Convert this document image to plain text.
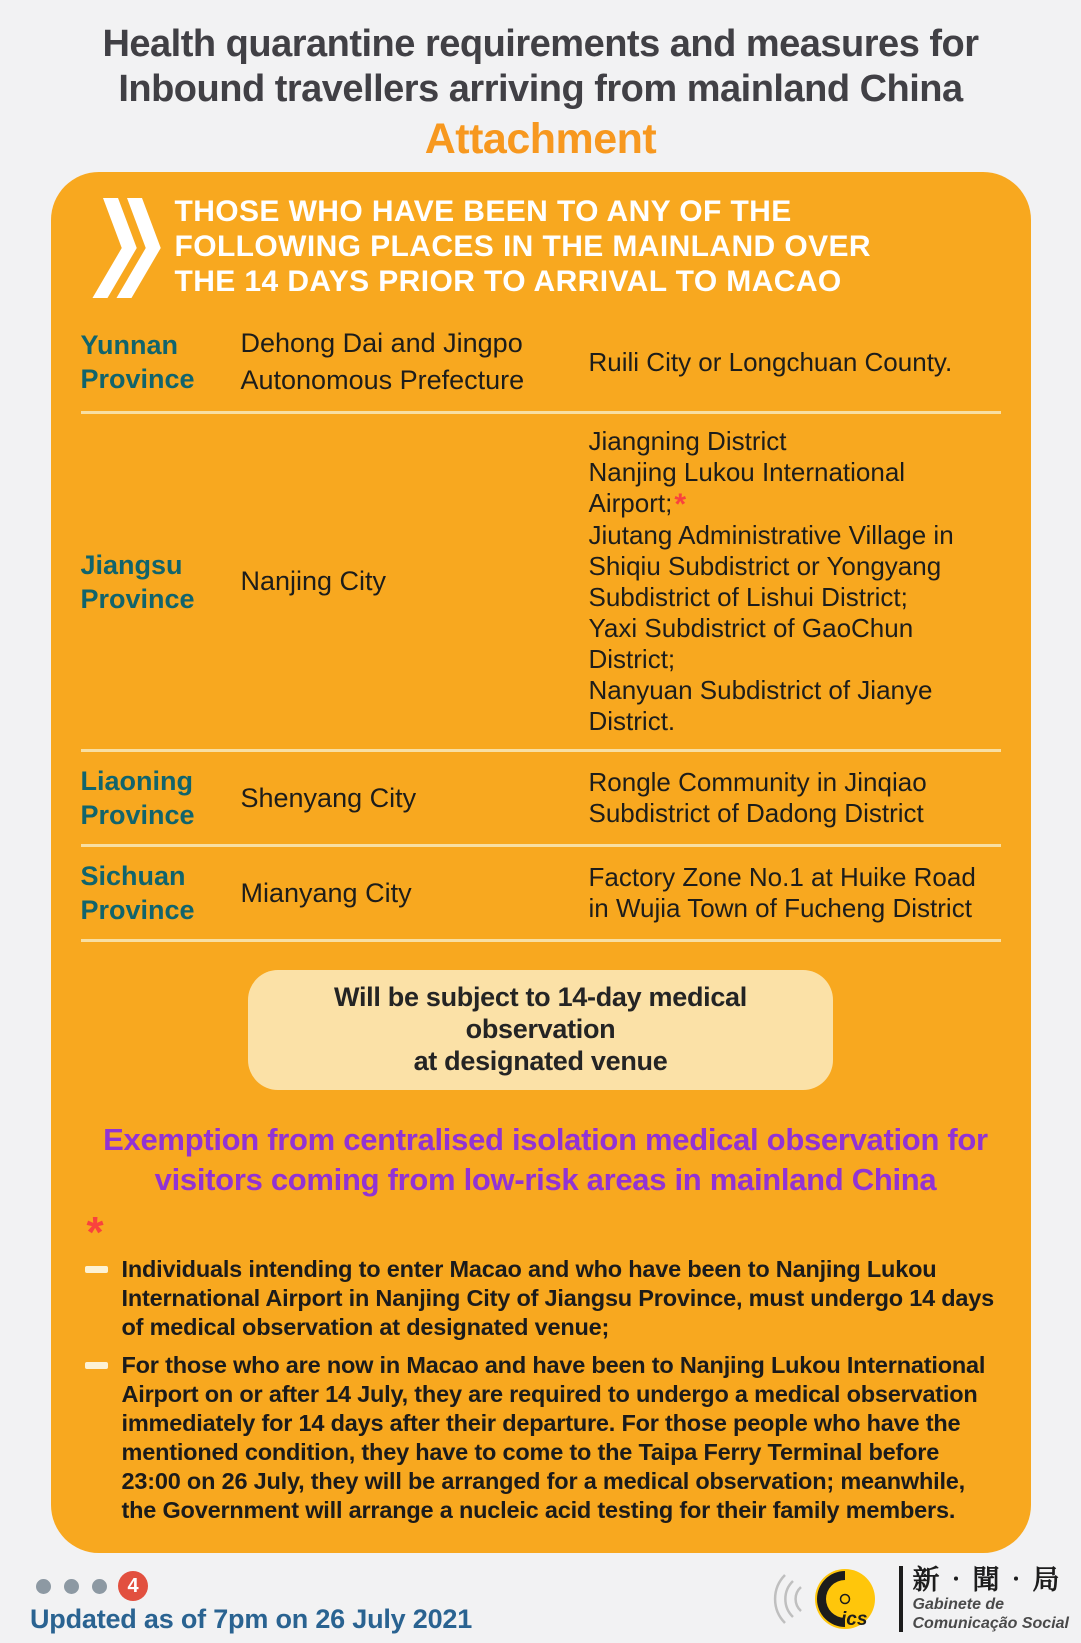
Health quarantine requirements and measures for
Inbound travellers arriving from mainland China
Attachment
THOSE WHO HAVE BEEN TO ANY OF THE
FOLLOWING PLACES IN THE MAINLAND OVER
THE 14 DAYS PRIOR TO ARRIVAL TO MACAO
Yunnan Province
Dehong Dai and Jingpo Autonomous Prefecture
Ruili City or Longchuan County.
Jiangsu Province
Nanjing City
Jiangning District
Nanjing Lukou International Airport;*
Jiutang Administrative Village in Shiqiu Subdistrict or Yongyang Subdistrict of Lishui District;
Yaxi Subdistrict of GaoChun District;
Nanyuan Subdistrict of Jianye District.
Liaoning Province
Shenyang City
Rongle Community in Jinqiao Subdistrict of Dadong District
Sichuan Province
Mianyang City
Factory Zone No.1 at Huike Road in Wujia Town of Fucheng District
Will be subject to 14-day medical observation
at designated venue
Exemption from centralised isolation medical observation for visitors coming from low-risk areas in mainland China
*
Individuals intending to enter Macao and who have been to Nanjing Lukou International Airport in Nanjing City of Jiangsu Province, must undergo 14 days of medical observation at designated venue;
For those who are now in Macao and have been to Nanjing Lukou International Airport on or after 14 July, they are required to undergo a medical observation immediately for 14 days after their departure. For those people who have the mentioned condition, they have to come to the Taipa Ferry Terminal before 23:00 on 26 July, they will be arranged for a medical observation; meanwhile, the Government will arrange a nucleic acid testing for their family members.
4
Updated as of 7pm on 26 July 2021	ics
新‧聞‧局
Gabinete de
Comunicação Social
